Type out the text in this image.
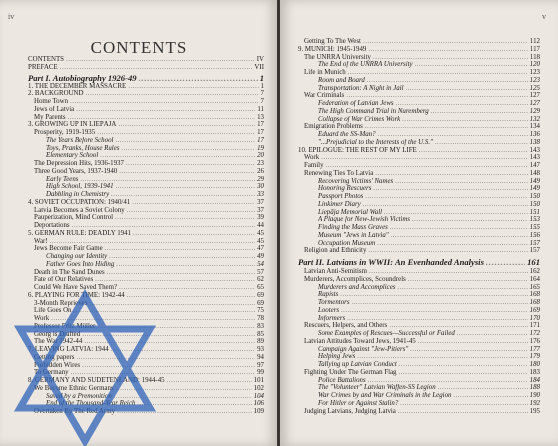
iv
CONTENTS
CONTENTS .....	IV
PREFACE .....	VII
Part I. Autobiography 1926-49 .....	1
1. THE DECEMBER MASSACRE .....	1
2. BACKGROUND .....	7
Home Town .....	7
Jews of Latvia .....	11
My Parents .....	13
3. GROWING UP IN LIEPĀJA .....	17
Prosperity, 1919-1935 .....	17
The Years Before School .....	17
Toys, Pranks, House Rules .....	19
Elementary School .....	20
The Depression Hits, 1936-1937 .....	23
Three Good Years, 1937-1940 .....	26
Early Teens .....	29
High School, 1939-1941 .....	30
Dabbling in Chemistry .....	33
4. SOVIET OCCUPATION: 1940/41 .....	37
Latvia Becomes a Soviet Colony .....	37
Pauperization, Mind Control .....	39
Deportations .....	44
5. GERMAN RULE: DEADLY 1941 .....	45
War! .....	45
Jews Become Fair Game .....	47
Changing our Identity .....	49
Father Goes Into Hiding .....	54
Death in The Sand Dunes .....	57
Fate of Our Relatives .....	62
Could We Have Saved Them? .....	65
6. PLAYING FOR TIME: 1942-44 .....	69
3-Month Reprieves .....	69
Life Goes On .....	75
Work .....	78
Professor Fritz Müller .....	83
Georg is Drafted .....	85
The War 1942-44 .....	89
7. LEAVING LATVIA: 1944 .....	93
Getting papers .....	94
Forbidden Wires .....	97
To Germany .....	99
8. GERMANY AND SUDETENLAND: 1944-45 .....	101
We Become Ethnic Germans .....	102
Saved by a Premonition .....	104
End of the Thousand-Year Reich .....	106
Overtaken By The Red Army .....	109
v
Getting To The West .....	112
9. MUNICH: 1945-1949 .....	117
The UNRRA University .....	118
The End of the UNRRA University .....	120
Life in Munich .....	123
Room and Board .....	123
Transportation: A Night in Jail .....	125
War Criminals .....	127
Federation of Latvian Jews .....	127
The High Command Trial in Nuremberg .....	129
Collapse of War Crimes Work .....	132
Emigration Problems .....	134
Eduard the SS-Man? .....	136
"...Prejudicial to the Interests of the U.S." .....	138
10. EPILOGUE: THE REST OF MY LIFE .....	143
Work .....	143
Family .....	147
Renewing Ties To Latvia .....	148
Recovering Victims' Names .....	149
Honoring Rescuers .....	149
Passport Photos .....	150
Linkimer Diary .....	150
Liepāja Memorial Wall .....	151
A Plaque for New-Jewish Victims .....	153
Finding the Mass Graves .....	155
Museum "Jews in Latvia" .....	156
Occupation Museum .....	157
Religion and Ethnicity .....	157
Part II. Latvians in WWII: An Evenhanded Analysis .....	161
Latvian Anti-Semitism .....	162
Murderers, Accomplices, Scoundrels .....	164
Murderers and Accomplices .....	165
Rapists .....	168
Tormentors .....	168
Looters .....	169
Informers .....	170
Rescuers, Helpers, and Others .....	171
Some Examples of Rescues—Successful or Failed .....	172
Latvian Attitudes Toward Jews, 1941-45 .....	176
Campaign Against "Jew-Pitiers" .....	177
Helping Jews .....	179
Tallying up Latvian Conduct .....	180
Fighting Under The German Flag .....	183
Police Battalions .....	184
The "Volunteer" Latvian Waffen-SS Legion .....	188
War Crimes by and War Criminals in the Legion .....	190
For Hitler or Against Stalin? .....	192
Judging Latvians, Judging Latvia .....	195
